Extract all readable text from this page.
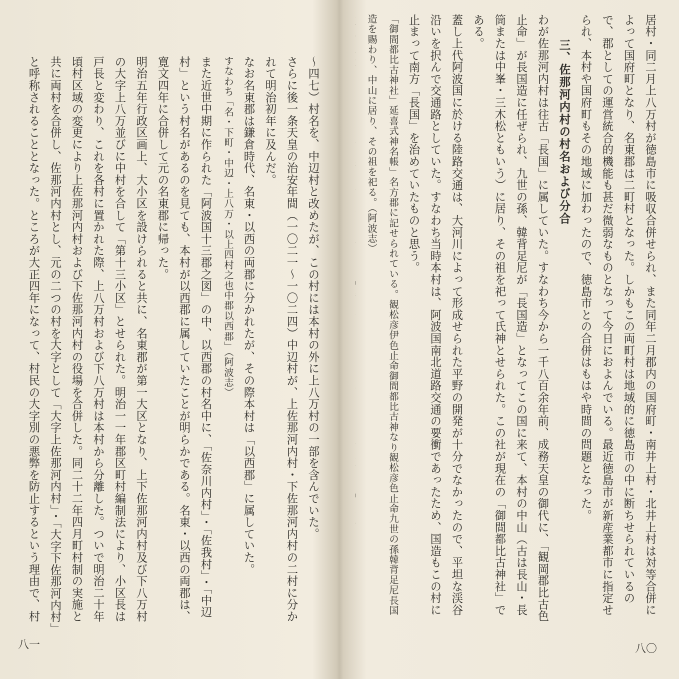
〜四七）村名を、中辺村と改めたが、この村には本村の外に上八万村の一部を含んでいた。

さらに後一条天皇の治安年間（一〇二一〜一〇二四）中辺村が、上佐那河内村・下佐那河内村の二村に分かれて明治初年に及んだ。

なお名東郡は鎌倉時代、名東・以西の両郡に分かれたが、その際本村は「以西郡」に属していた。

すなわち「名・下町・中辺・上八万・以上四村之也中郡以西郡」（阿波志）

また近世中期に作られた「阿波国十三郡之図」の中、以西郡の村名中に、「佐奈川内村」・「佐我村」・「中辺村」という村名があるのを見ても、本村が以西郡に属していたことが明らかである。名東・以西の両郡は、寛文四年に合併して元の名東郡に帰った。

明治五年行政区画上、大小区を設けられると共に、名東郡が第一大区となり、上下佐那河内村及び下八万村の大字上八万並びに中村を合して「第十三小区」とせられた。明治一一年郡区町村編制法により、小区長は戸長と変わり、これを各村に置かれた際、上八万村および下八万村は本村から分離した。ついで明治二十年頃村区域の変更により上佐那河内村および下佐那河内村の役場を合併した。同二十二年四月町村制の実施と共に両村を合併し、佐那河内村とし、元の二つの村を大字として「大字上佐那河内村」・「大字下佐那河内村」と呼称されることとなった。ところが大正四年になって、村民の大字別の悪弊を防止するという理由で、村

八一

居村・同二月上八万村が徳島市に吸収合併せられ、また同年二月郡内の国府町・南井上村・北井上村は対等合併によって国府町となり、名東郡は二町村となった。しかもこの両町村は地域的に徳島市の中に断ちせられているので、郡としての運営統合的機能も甚だ微弱なものとなって今日におよんでいる。最近徳島市が新産業都市に指定せられ、本村や国府町もその地域に加わったので、徳島市との合併はもはや時間の問題となった。

三、佐那河内村の村名および分合

わが佐那河内村は往古「長国」に属していた。すなわち今から一千八百余年前、成務天皇の御代に、「観岡郡比古色止命」が長国造に任ぜられ、九世の孫、韓背足尼が「長国造」となってこの国に来て、本村の中山（古は長山・長筒または中峯・三木松ともいう）に居り、その祖を祀って氏神とせられた。この社が現在の「御間都比古神社」である。

蓋し上代阿波国に於ける陸路交通は、大河川によって形成せられた平野の開発が十分でなかったので、平坦な渓谷沿いを択んで交通路としていた。すなわち当時本村は、阿波国南北道路交通の要衝であったため、国造もこの村に止まって南方「長国」を治めていたものと思う。

「御間都比古神社」延喜式神名帳」名方郡に記せられている。観松彦伊色止命御間都比古神なり観松彦色止命九世の孫韓背足尼長国造を賜わり、中山に居り、その祖を祀る。（阿波志）

八〇
